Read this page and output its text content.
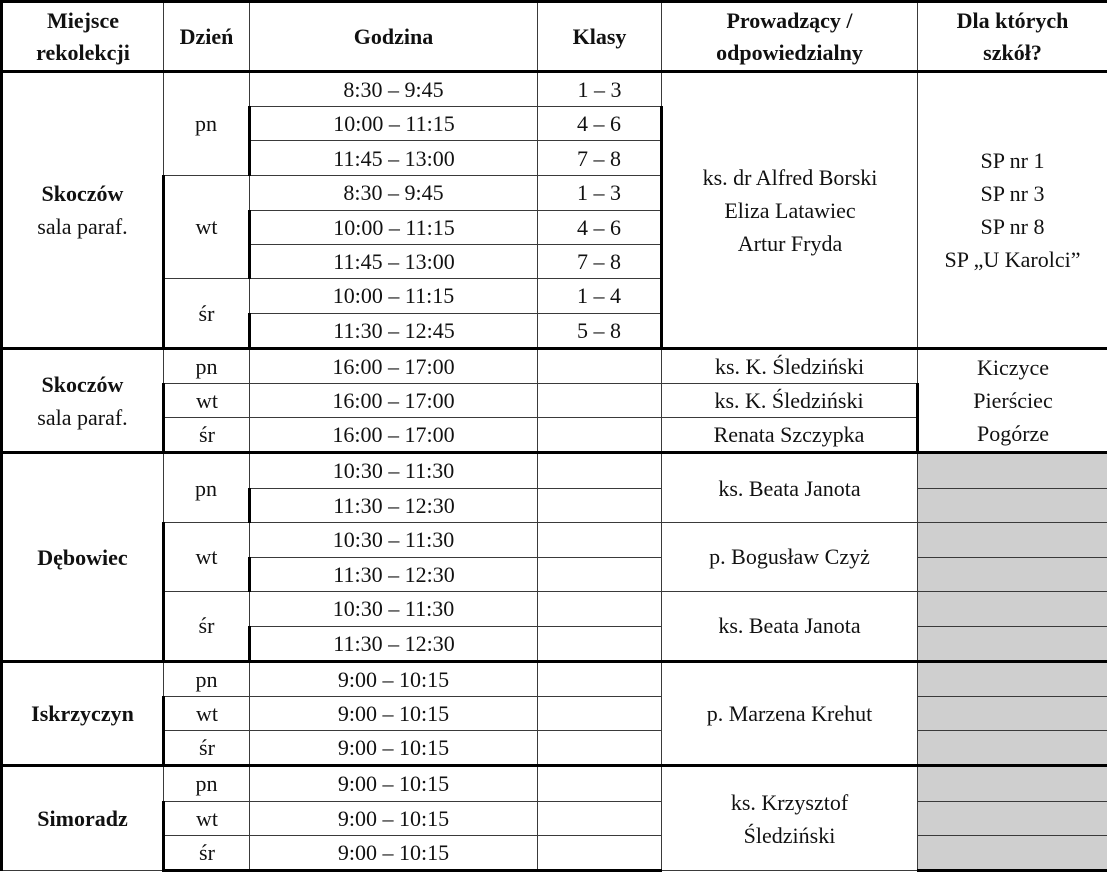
Miejsce
rekolekcji	Dzień	Godzina	Klasy	Prowadzący /
odpowiedzialny	Dla których
szkół?

Skoczów
sala paraf.	pn	8:30 – 9:45	1 – 3	ks. dr Alfred Borski
Eliza Latawiec
Artur Fryda	SP nr 1
SP nr 3
SP nr 8
SP „U Karolci”

		10:00 – 11:15	4 – 6		
		11:45 – 13:00	7 – 8		
	wt	8:30 – 9:45	1 – 3		
		10:00 – 11:15	4 – 6		
		11:45 – 13:00	7 – 8		
	śr	10:00 – 11:15	1 – 4		
		11:30 – 12:45	5 – 8		

Skoczów
sala paraf.	pn	16:00 – 17:00		ks. K. Śledziński	Kiczyce
Pierściec
Pogórze

	wt	16:00 – 17:00		ks. K. Śledziński	
	śr	16:00 – 17:00		Renata Szczypka	

Dębowiec	pn	10:30 – 11:30		ks. Beata Janota	
		11:30 – 12:30			
	wt	10:30 – 11:30		p. Bogusław Czyż	
		11:30 – 12:30			
	śr	10:30 – 11:30		ks. Beata Janota	
		11:30 – 12:30			

Iskrzyczyn	pn	9:00 – 10:15		p. Marzena Krehut	
	wt	9:00 – 10:15			
	śr	9:00 – 10:15			

Simoradz	pn	9:00 – 10:15		ks. Krzysztof
Śledziński	

	wt	9:00 – 10:15			
	śr	9:00 – 10:15			
